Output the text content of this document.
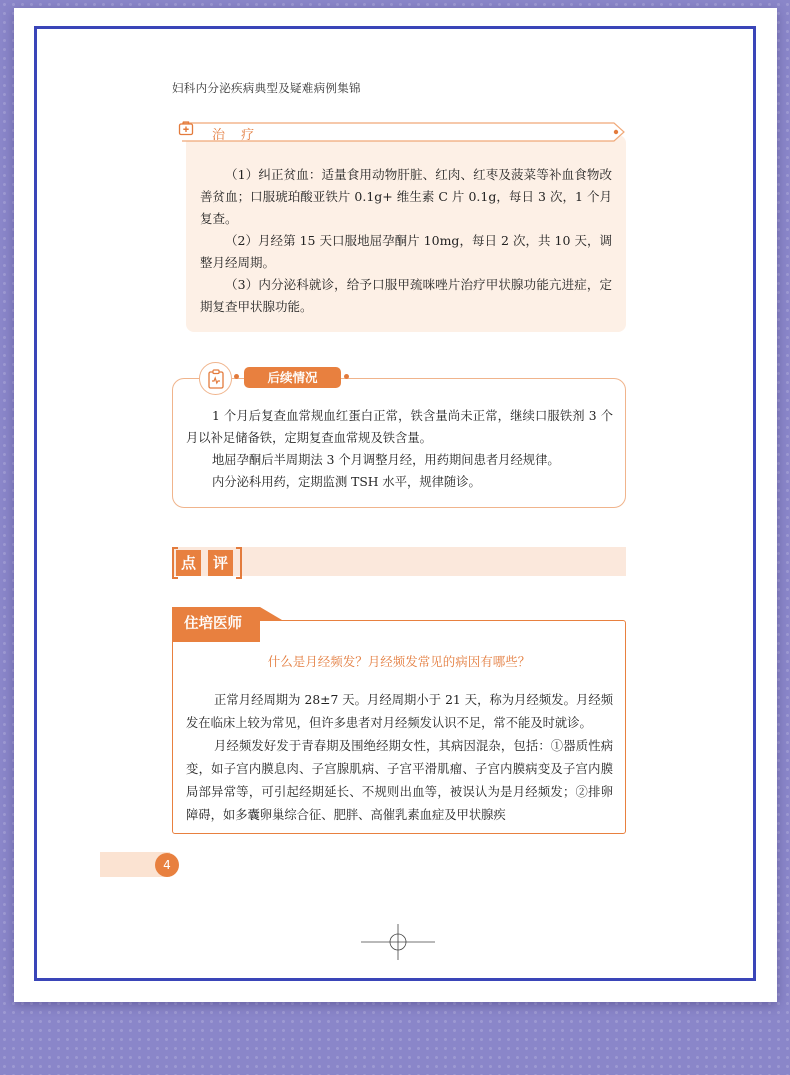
妇科内分泌疾病典型及疑难病例集锦
治 疗

（1）纠正贫血：适量食用动物肝脏、红肉、红枣及菠菜等补血食物改善贫血；口服琥珀酸亚铁片 0.1g+ 维生素 C 片 0.1g，每日 3 次，1 个月复查。

（2）月经第 15 天口服地屈孕酮片 10mg，每日 2 次，共 10 天，调整月经周期。

（3）内分泌科就诊，给予口服甲巯咪唑片治疗甲状腺功能亢进症，定期复查甲状腺功能。

后续情况

1 个月后复查血常规血红蛋白正常，铁含量尚未正常，继续口服铁剂 3 个月以补足储备铁，定期复查血常规及铁含量。

地屈孕酮后半周期法 3 个月调整月经，用药期间患者月经规律。

内分泌科用药，定期监测 TSH 水平，规律随诊。

点	评
住培医师
什么是月经频发？月经频发常见的病因有哪些？

正常月经周期为 28±7 天。月经周期小于 21 天，称为月经频发。月经频发在临床上较为常见，但许多患者对月经频发认识不足，常不能及时就诊。

月经频发好发于青春期及围绝经期女性，其病因混杂，包括：①器质性病变，如子宫内膜息肉、子宫腺肌病、子宫平滑肌瘤、子宫内膜病变及子宫内膜局部异常等，可引起经期延长、不规则出血等，被误认为是月经频发；②排卵障碍，如多囊卵巢综合征、肥胖、高催乳素血症及甲状腺疾

4
